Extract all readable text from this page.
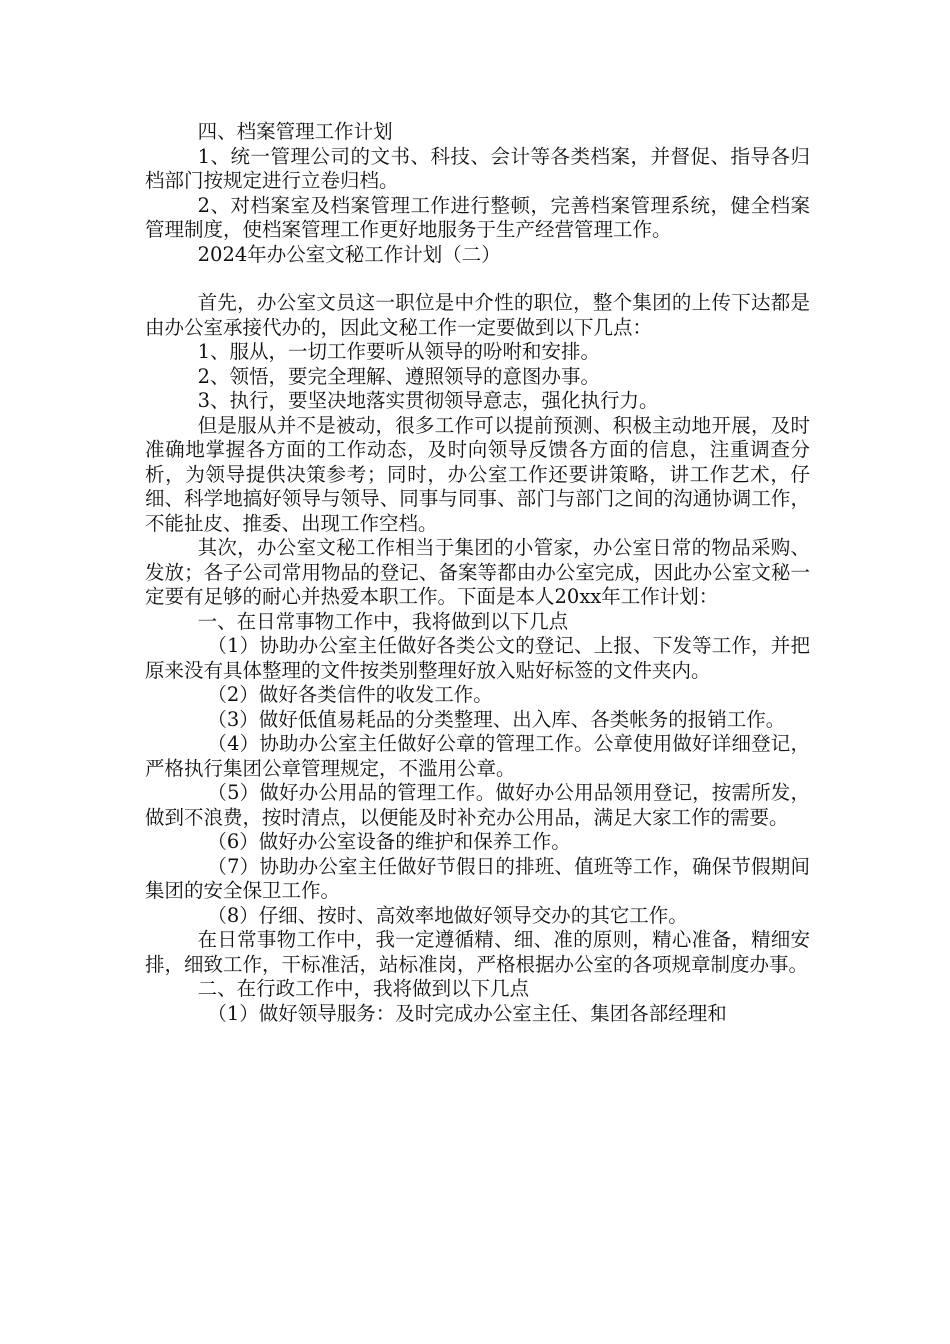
四、档案管理工作计划

1、统一管理公司的文书、科技、会计等各类档案，并督促、指导各归档部门按规定进行立卷归档。

2、对档案室及档案管理工作进行整顿，完善档案管理系统，健全档案管理制度，使档案管理工作更好地服务于生产经营管理工作。

2024年办公室文秘工作计划（二）

首先，办公室文员这一职位是中介性的职位，整个集团的上传下达都是由办公室承接代办的，因此文秘工作一定要做到以下几点：

1、服从，一切工作要听从领导的吩咐和安排。

2、领悟，要完全理解、遵照领导的意图办事。

3、执行，要坚决地落实贯彻领导意志，强化执行力。

但是服从并不是被动，很多工作可以提前预测、积极主动地开展，及时准确地掌握各方面的工作动态，及时向领导反馈各方面的信息，注重调查分析，为领导提供决策参考；同时，办公室工作还要讲策略，讲工作艺术，仔细、科学地搞好领导与领导、同事与同事、部门与部门之间的沟通协调工作，不能扯皮、推委、出现工作空档。

其次，办公室文秘工作相当于集团的小管家，办公室日常的物品采购、发放；各子公司常用物品的登记、备案等都由办公室完成，因此办公室文秘一定要有足够的耐心并热爱本职工作。下面是本人20xx年工作计划：

一、在日常事物工作中，我将做到以下几点

（1）协助办公室主任做好各类公文的登记、上报、下发等工作，并把原来没有具体整理的文件按类别整理好放入贴好标签的文件夹内。

（2）做好各类信件的收发工作。

（3）做好低值易耗品的分类整理、出入库、各类帐务的报销工作。

（4）协助办公室主任做好公章的管理工作。公章使用做好详细登记，严格执行集团公章管理规定，不滥用公章。

（5）做好办公用品的管理工作。做好办公用品领用登记，按需所发，做到不浪费，按时清点，以便能及时补充办公用品，满足大家工作的需要。

（6）做好办公室设备的维护和保养工作。

（7）协助办公室主任做好节假日的排班、值班等工作，确保节假期间集团的安全保卫工作。

（8）仔细、按时、高效率地做好领导交办的其它工作。

在日常事物工作中，我一定遵循精、细、准的原则，精心准备，精细安排，细致工作，干标准活，站标准岗，严格根据办公室的各项规章制度办事。

二、在行政工作中，我将做到以下几点

（1）做好领导服务：及时完成办公室主任、集团各部经理和
